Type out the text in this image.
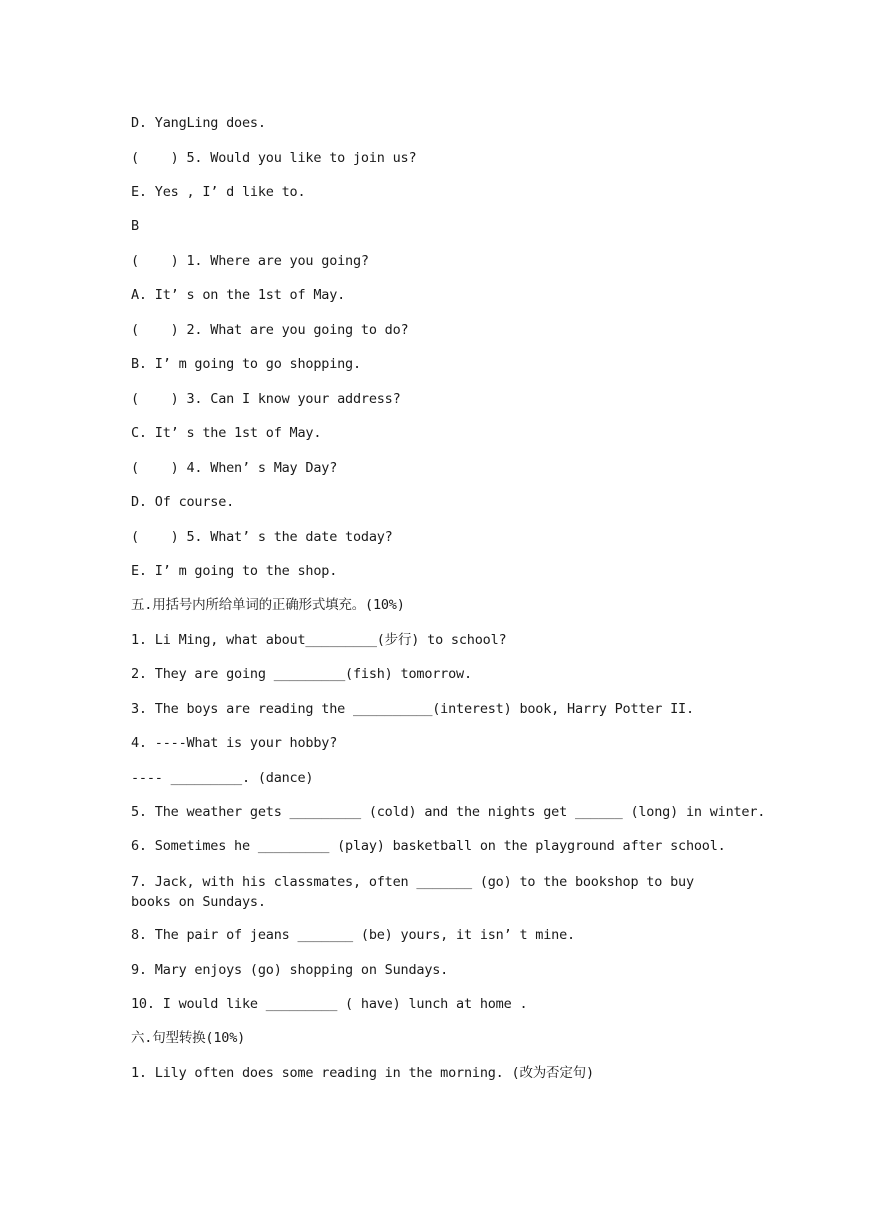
D. YangLing does.
(    ) 5. Would you like to join us?
E. Yes , I’ d like to.
B
(    ) 1. Where are you going?
A. It’ s on the 1st of May.
(    ) 2. What are you going to do?
B. I’ m going to go shopping.
(    ) 3. Can I know your address?
C. It’ s the 1st of May.
(    ) 4. When’ s May Day?
D. Of course.
(    ) 5. What’ s the date today?
E. I’ m going to the shop.
五.用括号内所给单词的正确形式填充。(10%)
1. Li Ming, what about_________(步行) to school?
2. They are going _________(fish) tomorrow.
3. The boys are reading the __________(interest) book, Harry Potter II.
4. ----What is your hobby?
---- _________. (dance)
5. The weather gets _________ (cold) and the nights get ______ (long) in winter.
6. Sometimes he _________ (play) basketball on the playground after school.
7. Jack, with his classmates, often _______ (go) to the bookshop to buy books on Sundays.
8. The pair of jeans _______ (be) yours, it isn’ t mine.
9. Mary enjoys (go) shopping on Sundays.
10. I would like _________ ( have) lunch at home .
六.句型转换(10%)
1. Lily often does some reading in the morning. (改为否定句)
